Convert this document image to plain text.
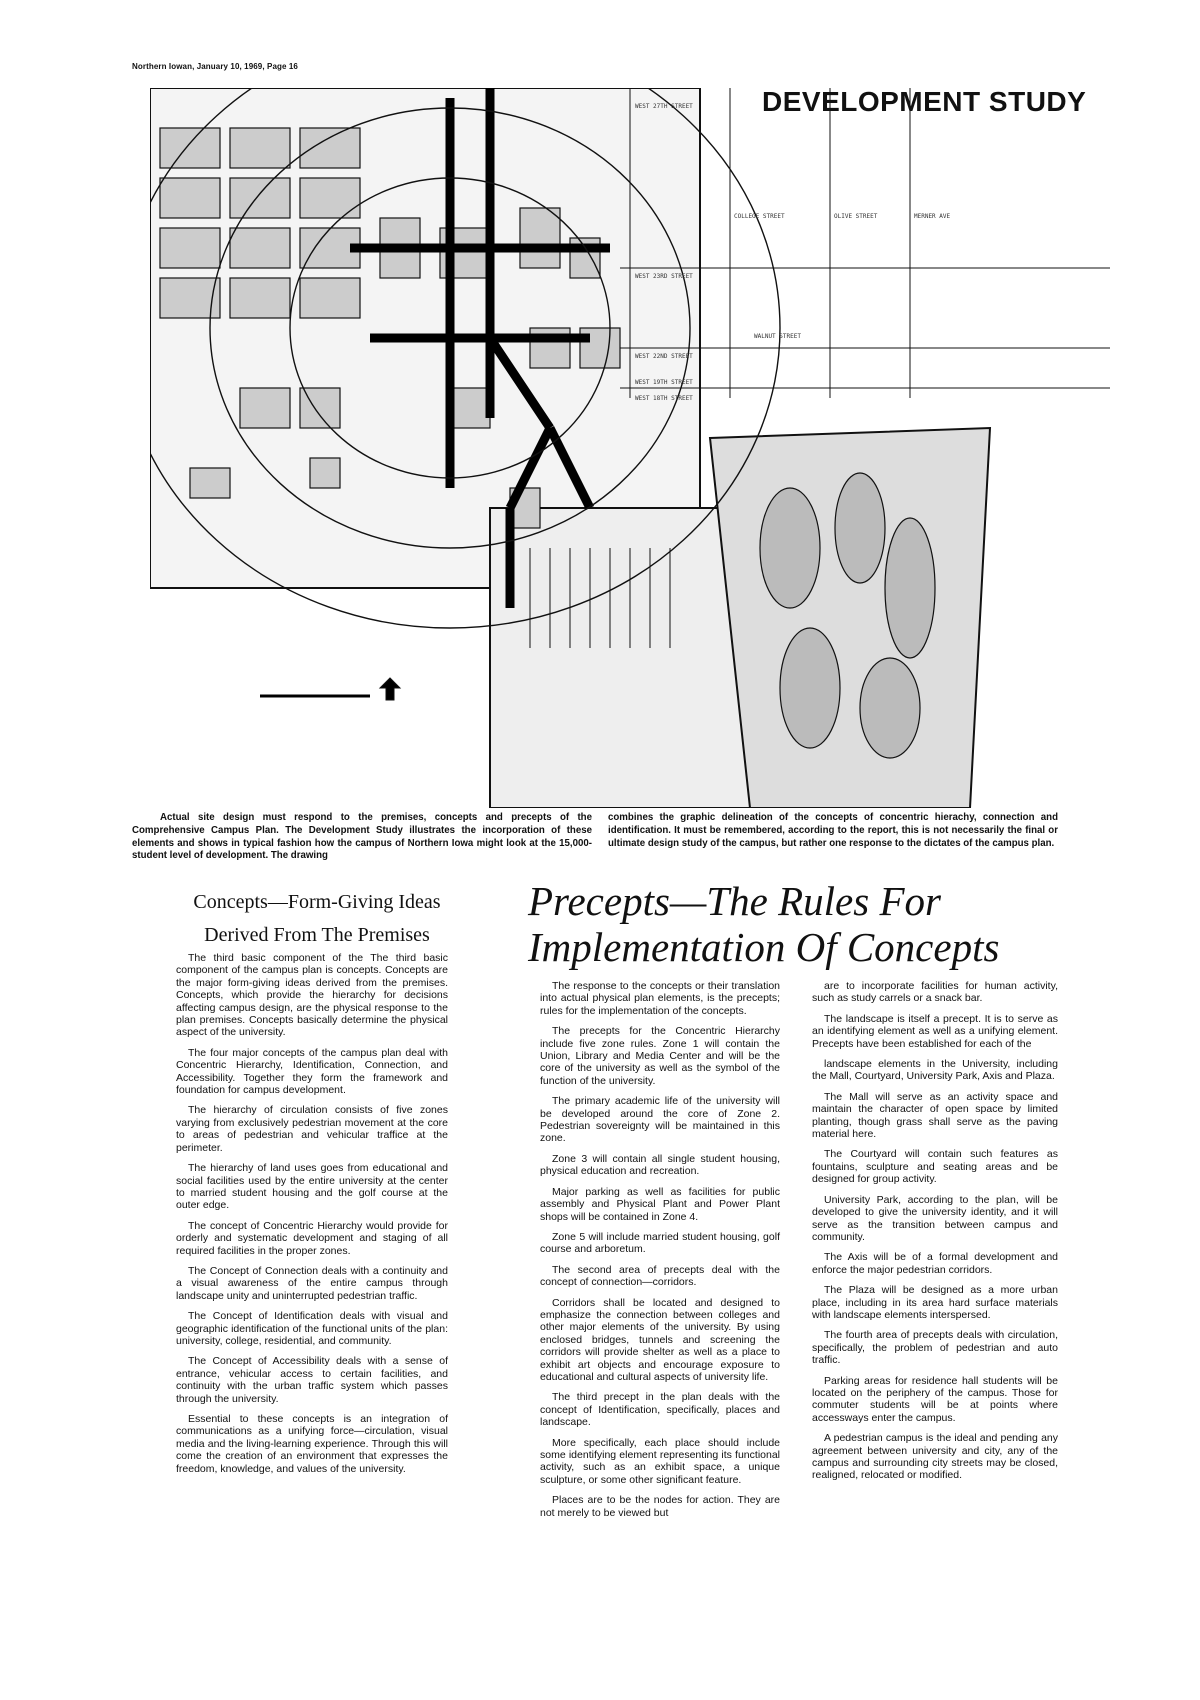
Northern Iowan, January 10, 1969, Page 16
DEVELOPMENT STUDY
WEST 27TH STREET
WEST 23RD STREET
WEST 22ND STREET
WEST 19TH STREET
WEST 18TH STREET
COLLEGE STREET	OLIVE STREET	MERNER AVE
WALNUT STREET
Actual site design must respond to the premises, concepts and precepts of the Comprehensive Campus Plan. The Development Study illustrates the incorporation of these elements and shows in typical fashion how the campus of Northern Iowa might look at the 15,000-student level of development. The drawing
combines the graphic delineation of the concepts of concentric hierachy, connection and identification. It must be remembered, according to the report, this is not necessarily the final or ultimate design study of the campus, but rather one response to the dictates of the campus plan.
Concepts—Form-Giving Ideas
Derived From The Premises
Precepts—The Rules For
Implementation Of Concepts

The third basic component of the The third basic component of the campus plan is concepts. Concepts are the major form-giving ideas derived from the premises. Concepts, which provide the hierarchy for decisions affecting campus design, are the physical response to the plan premises. Concepts basically determine the physical aspect of the university.

The four major concepts of the campus plan deal with Concentric Hierarchy, Identification, Connection, and Accessibility. Together they form the framework and foundation for campus development.

The hierarchy of circulation consists of five zones varying from exclusively pedestrian movement at the core to areas of pedestrian and vehicular traffice at the perimeter.

The hierarchy of land uses goes from educational and social facilities used by the entire university at the center to married student housing and the golf course at the outer edge.

The concept of Concentric Hierarchy would provide for orderly and systematic development and staging of all required facilities in the proper zones.

The Concept of Connection deals with a continuity and a visual awareness of the entire campus through landscape unity and uninterrupted pedestrian traffic.

The Concept of Identification deals with visual and geographic identification of the functional units of the plan: university, college, residential, and community.

The Concept of Accessibility deals with a sense of entrance, vehicular access to certain facilities, and continuity with the urban traffic system which passes through the university.

Essential to these concepts is an integration of communications as a unifying force—circulation, visual media and the living-learning experience. Through this will come the creation of an environment that expresses the freedom, knowledge, and values of the university.

The response to the concepts or their translation into actual physical plan elements, is the precepts; rules for the implementation of the concepts.

The precepts for the Concentric Hierarchy include five zone rules. Zone 1 will contain the Union, Library and Media Center and will be the core of the university as well as the symbol of the function of the university.

The primary academic life of the university will be developed around the core of Zone 2. Pedestrian sovereignty will be maintained in this zone.

Zone 3 will contain all single student housing, physical education and recreation.

Major parking as well as facilities for public assembly and Physical Plant and Power Plant shops will be contained in Zone 4.

Zone 5 will include married student housing, golf course and arboretum.

The second area of precepts deal with the concept of connection—corridors.

Corridors shall be located and designed to emphasize the connection between colleges and other major elements of the university. By using enclosed bridges, tunnels and screening the corridors will provide shelter as well as a place to exhibit art objects and encourage exposure to educational and cultural aspects of university life.

The third precept in the plan deals with the concept of Identification, specifically, places and landscape.

More specifically, each place should include some identifying element representing its functional activity, such as an exhibit space, a unique sculpture, or some other significant feature.

Places are to be the nodes for action. They are not merely to be viewed but

are to incorporate facilities for human activity, such as study carrels or a snack bar.

The landscape is itself a precept. It is to serve as an identifying element as well as a unifying element. Precepts have been established for each of the

landscape elements in the University, including the Mall, Courtyard, University Park, Axis and Plaza.

The Mall will serve as an activity space and maintain the character of open space by limited planting, though grass shall serve as the paving material here.

The Courtyard will contain such features as fountains, sculpture and seating areas and be designed for group activity.

University Park, according to the plan, will be developed to give the university identity, and it will serve as the transition between campus and community.

The Axis will be of a formal development and enforce the major pedestrian corridors.

The Plaza will be designed as a more urban place, including in its area hard surface materials with landscape elements interspersed.

The fourth area of precepts deals with circulation, specifically, the problem of pedestrian and auto traffic.

Parking areas for residence hall students will be located on the periphery of the campus. Those for commuter students will be at points where accessways enter the campus.

A pedestrian campus is the ideal and pending any agreement between university and city, any of the campus and surrounding city streets may be closed, realigned, relocated or modified.
